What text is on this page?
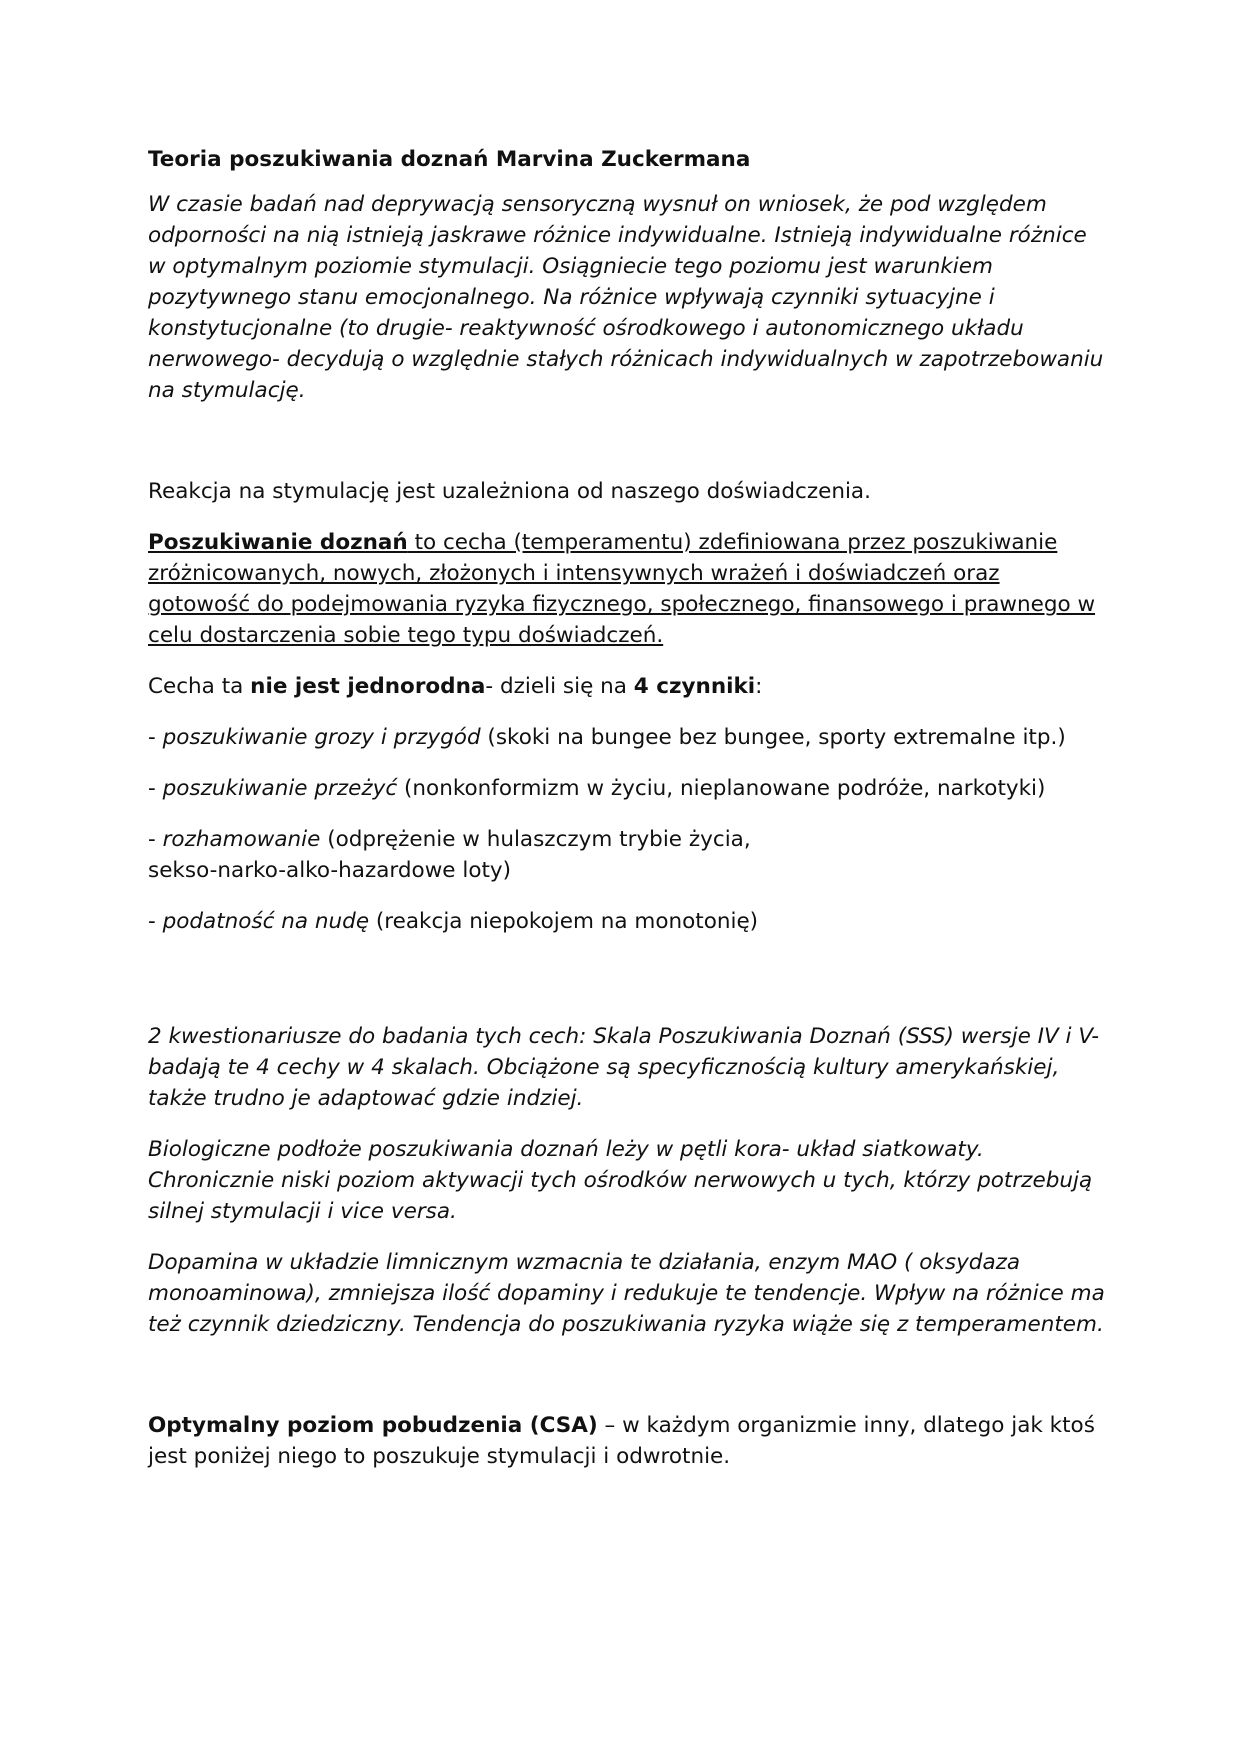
Teoria poszukiwania doznań Marvina Zuckermana

W czasie badań nad deprywacją sensoryczną wysnuł on wniosek, że pod względem odporności na nią istnieją jaskrawe różnice indywidualne. Istnieją indywidualne różnice w optymalnym poziomie stymulacji. Osiągniecie tego poziomu jest warunkiem pozytywnego stanu emocjonalnego. Na różnice wpływają czynniki sytuacyjne i konstytucjonalne (to drugie- reaktywność ośrodkowego i autonomicznego układu nerwowego- decydują o względnie stałych różnicach indywidualnych w zapotrzebowaniu na stymulację.

Reakcja na stymulację jest uzależniona od naszego doświadczenia.

Poszukiwanie doznań to cecha (temperamentu) zdefiniowana przez poszukiwanie zróżnicowanych, nowych, złożonych i intensywnych wrażeń i doświadczeń oraz gotowość do podejmowania ryzyka fizycznego, społecznego, finansowego i prawnego w celu dostarczenia sobie tego typu doświadczeń.

Cecha ta nie jest jednorodna- dzieli się na 4 czynniki:

- poszukiwanie grozy i przygód (skoki na bungee bez bungee, sporty extremalne itp.)

- poszukiwanie przeżyć (nonkonformizm w życiu, nieplanowane podróże, narkotyki)

- rozhamowanie (odprężenie w hulaszczym trybie życia, sekso-narko-alko-hazardowe loty)

- podatność na nudę (reakcja niepokojem na monotonię)

2 kwestionariusze do badania tych cech: Skala Poszukiwania Doznań (SSS) wersje IV i V- badają te 4 cechy w 4 skalach. Obciążone są specyficznością kultury amerykańskiej, także trudno je adaptować gdzie indziej.

Biologiczne podłoże poszukiwania doznań leży w pętli kora- układ siatkowaty. Chronicznie niski poziom aktywacji tych ośrodków nerwowych u tych, którzy potrzebują silnej stymulacji i vice versa.

Dopamina w układzie limnicznym wzmacnia te działania, enzym MAO ( oksydaza monoaminowa), zmniejsza ilość dopaminy i redukuje te tendencje. Wpływ na różnice ma też czynnik dziedziczny. Tendencja do poszukiwania ryzyka wiąże się z temperamentem.

Optymalny poziom pobudzenia (CSA) – w każdym organizmie inny, dlatego jak ktoś jest poniżej niego to poszukuje stymulacji i odwrotnie.
